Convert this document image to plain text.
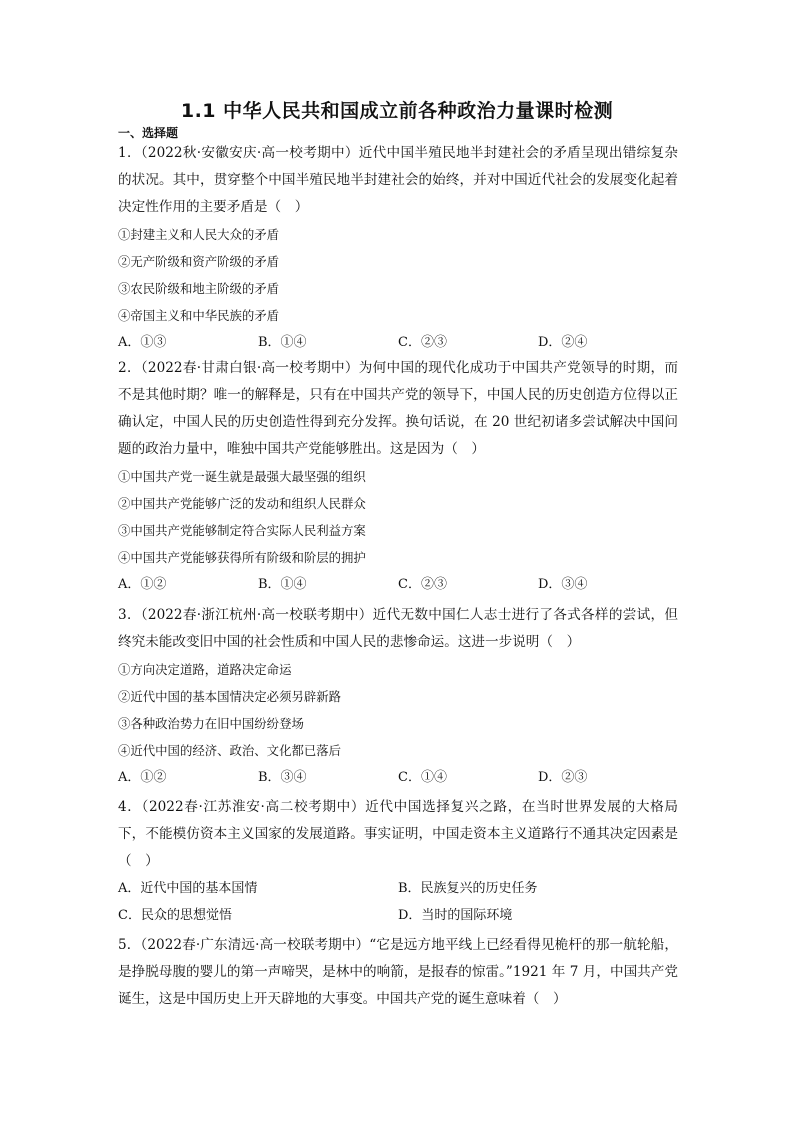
1.1 中华人民共和国成立前各种政治力量课时检测
一、选择题

1．（2022秋·安徽安庆·高一校考期中）近代中国半殖民地半封建社会的矛盾呈现出错综复杂的状况。其中，贯穿整个中国半殖民地半封建社会的始终，并对中国近代社会的发展变化起着决定性作用的主要矛盾是（　）

①封建主义和人民大众的矛盾

②无产阶级和资产阶级的矛盾

③农民阶级和地主阶级的矛盾

④帝国主义和中华民族的矛盾

A．①③	B．①④	C．②③	D．②④

2．（2022春·甘肃白银·高一校考期中）为何中国的现代化成功于中国共产党领导的时期，而不是其他时期？唯一的解释是，只有在中国共产党的领导下，中国人民的历史创造方位得以正确认定，中国人民的历史创造性得到充分发挥。换句话说，在 20 世纪初诸多尝试解决中国问题的政治力量中，唯独中国共产党能够胜出。这是因为（　）

①中国共产党一诞生就是最强大最坚强的组织

②中国共产党能够广泛的发动和组织人民群众

③中国共产党能够制定符合实际人民利益方案

④中国共产党能够获得所有阶级和阶层的拥护

A．①②	B．①④	C．②③	D．③④

3．（2022春·浙江杭州·高一校联考期中）近代无数中国仁人志士进行了各式各样的尝试，但终究未能改变旧中国的社会性质和中国人民的悲惨命运。这进一步说明（　）

①方向决定道路，道路决定命运

②近代中国的基本国情决定必须另辟新路

③各种政治势力在旧中国纷纷登场

④近代中国的经济、政治、文化都已落后

A．①②	B．③④	C．①④	D．②③

4．（2022春·江苏淮安·高二校考期中）近代中国选择复兴之路，在当时世界发展的大格局下，不能模仿资本主义国家的发展道路。事实证明，中国走资本主义道路行不通其决定因素是（　）

A．近代中国的基本国情	B．民族复兴的历史任务
C．民众的思想觉悟	D．当时的国际环境

5．（2022春·广东清远·高一校联考期中）“它是远方地平线上已经看得见桅杆的那一航轮船，是挣脱母腹的婴儿的第一声啼哭，是林中的响箭，是报春的惊雷。”1921 年 7 月，中国共产党诞生，这是中国历史上开天辟地的大事变。中国共产党的诞生意味着（　）
